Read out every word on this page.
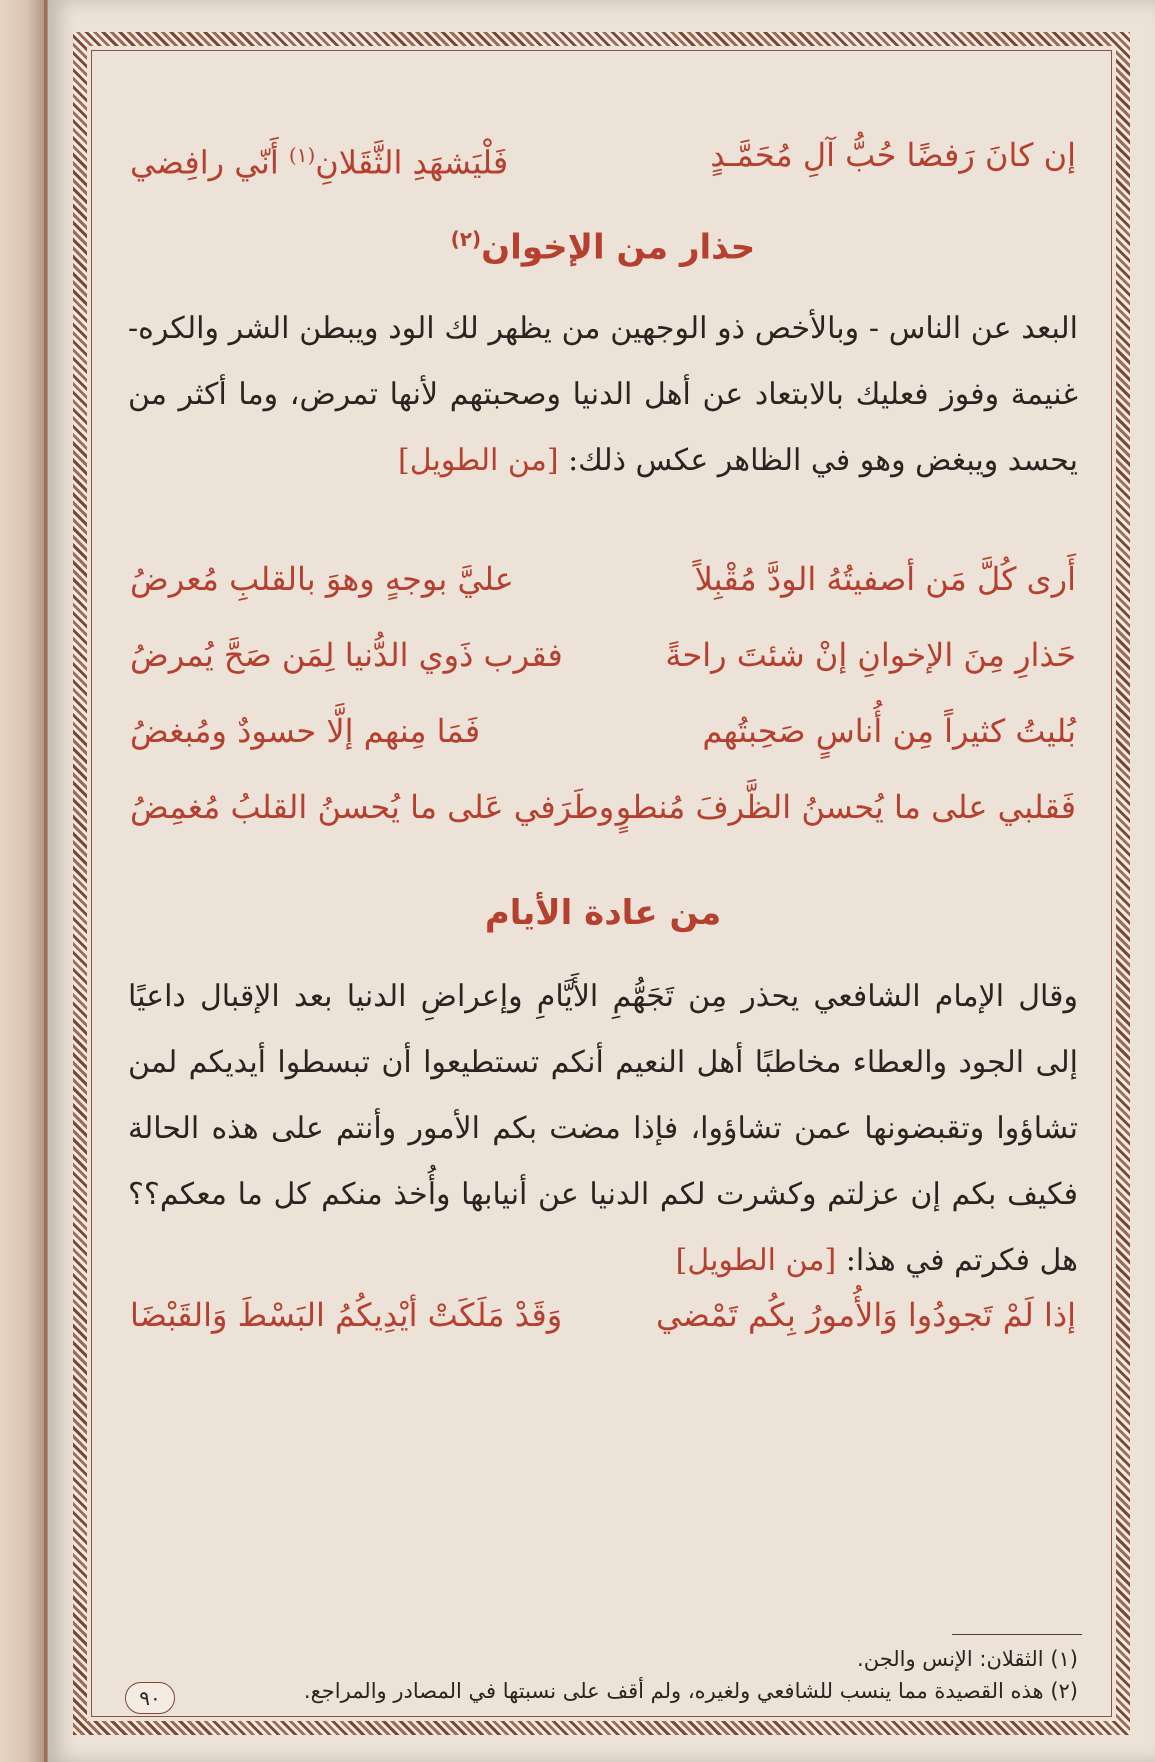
إن كانَ رَفضًا حُبُّ آلِ مُحَمَّـدٍ
فَلْيَشهَدِ الثَّقَلانِ$^{(١)}$ أَنّي رافِضي
حذار من الإخوان$^{(٢)}$
البعد عن الناس - وبالأخص ذو الوجهين من يظهر لك الود ويبطن الشر والكره- غنيمة وفوز فعليك بالابتعاد عن أهل الدنيا وصحبتهم لأنها تمرض، وما أكثر من يحسد ويبغض وهو في الظاهر عكس ذلك: [من الطويل]
أَرى كُلَّ مَن أصفيتُهُ الودَّ مُقْبِلاً
عليَّ بوجهٍ وهوَ بالقلبِ مُعرضُ
حَذارِ مِنَ الإخوانِ إنْ شئتَ راحةً
فقرب ذَوي الدُّنيا لِمَن صَحَّ يُمرضُ
بُليتُ كثيراً مِن أُناسٍ صَحِبتُهم
فَمَا مِنهم إلَّا حسودٌ ومُبغضُ
فَقلبي على ما يُحسنُ الظَّرفَ مُنطوٍ
وطَرَفي عَلى ما يُحسنُ القلبُ مُغمِضُ
من عادة الأيام
وقال الإمام الشافعي يحذر مِن تَجَهُّمِ الأَيَّامِ وإعراضِ الدنيا بعد الإقبال داعيًا إلى الجود والعطاء مخاطبًا أهل النعيم أنكم تستطيعوا أن تبسطوا أيديكم لمن تشاؤوا وتقبضونها عمن تشاؤوا، فإذا مضت بكم الأمور وأنتم على هذه الحالة فكيف بكم إن عزلتم وكشرت لكم الدنيا عن أنيابها وأُخذ منكم كل ما معكم؟؟ هل فكرتم في هذا: [من الطويل]
إذا لَمْ تَجودُوا وَالأُمورُ بِكُم تَمْضي
وَقَدْ مَلَكَتْ أيْدِيكُمُ البَسْطَ وَالقَبْضَا
(١) الثقلان: الإنس والجن.
(٢) هذه القصيدة مما ينسب للشافعي ولغيره، ولم أقف على نسبتها في المصادر والمراجع.
٩٠
